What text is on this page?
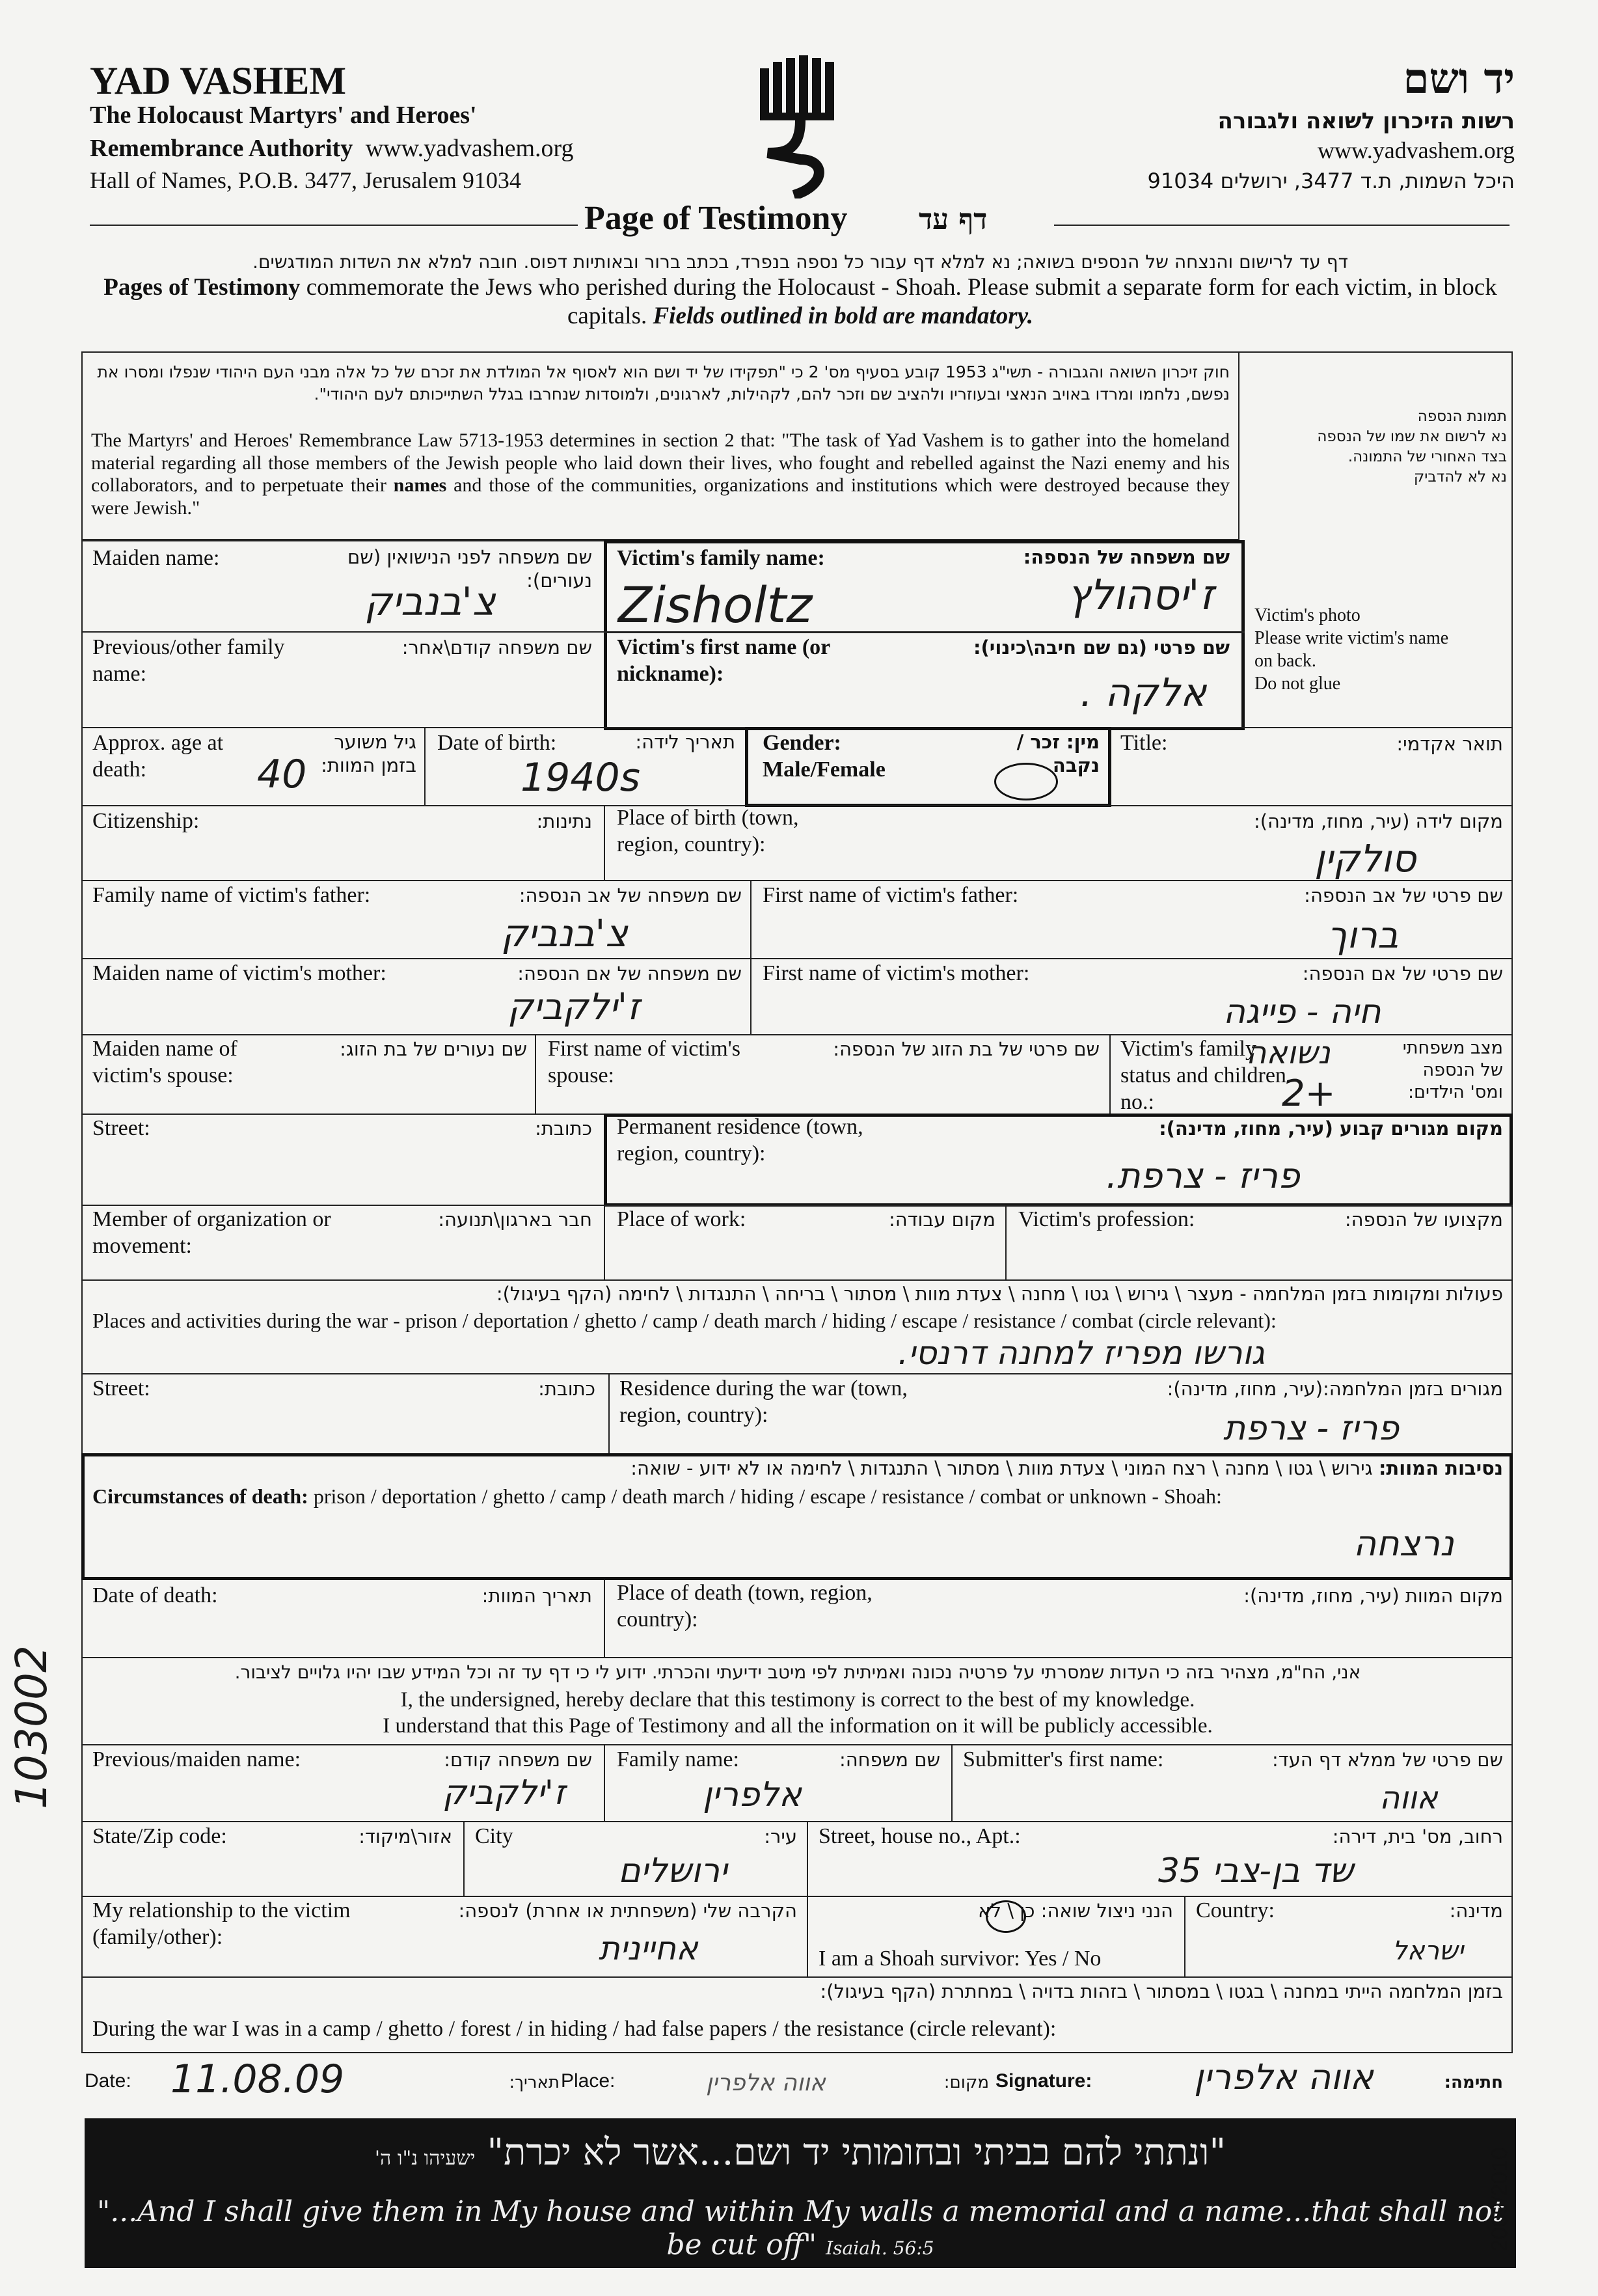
YAD VASHEM
The Holocaust Martyrs' and Heroes'
Remembrance Authority www.yadvashem.org
Hall of Names, P.O.B. 3477, Jerusalem 91034
יד ושם
רשות הזיכרון לשואה ולגבורה
www.yadvashem.org
היכל השמות, ת.ד 3477, ירושלים 91034
Page of Testimony דף עד
דף עד לרישום והנצחה של הנספים בשואה; נא למלא דף עבור כל נספה בנפרד, בכתב ברור ובאותיות דפוס. חובה למלא את השדות המודגשים.
Pages of Testimony commemorate the Jews who perished during the Holocaust - Shoah. Please submit a separate form for each victim, in block capitals. Fields outlined in bold are mandatory.
חוק זיכרון השואה והגבורה - תשי"ג 1953 קובע בסעיף מס' 2 כי "תפקידו של יד ושם הוא לאסוף אל המולדת את זכרם של כל אלה מבני העם היהודי שנפלו ומסרו את נפשם, נלחמו ומרדו באויב הנאצי ובעוזריו ולהציב שם וזכר להם, לקהילות, לארגונים, ולמוסדות שנחרבו בגלל השתייכותם לעם היהודי".
The Martyrs' and Heroes' Remembrance Law 5713-1953 determines in section 2 that: "The task of Yad Vashem is to gather into the homeland material regarding all those members of the Jewish people who laid down their lives, who fought and rebelled against the Nazi enemy and his collaborators, and to perpetuate their names and those of the communities, organizations and institutions which were destroyed because they were Jewish."
תמונת הנספה
נא לרשום את שמו של הנספה
בצד האחורי של התמונה.
נא לא להדביק
Victim's photo
Please write victim's name
on back.
Do not glue
Maiden name:	שם משפחה לפני הנישואין (שם נעורים):
צ'בנביק
Victim's family name:	שם משפחה של הנספה:
Zisholtz	ז'יסהולץ
Previous/other family name:
שם משפחה קודם\אחר: Victim's first name (or nickname):
שם פרטי (גם שם חיבה\כינוי):
אלקה .
Approx. age at death:
גיל משוער בזמן המוות:
40
Date of birth:	תאריך לידה:
1940s
Gender: Male/Female
מין: זכר / נקבה
Title:	תואר אקדמי:
Citizenship:	נתינות: Place of birth (town, region, country):
מקום לידה (עיר, מחוז, מדינה):
סולקין
Family name of victim's father:	שם משפחה של אב הנספה:
צ'בנביק
First name of victim's father:	שם פרטי של אב הנספה:
ברוך
Maiden name of victim's mother:	שם משפחה של אם הנספה:
ז'ילקביק
First name of victim's mother:	שם פרטי של אם הנספה:
חיה - פייגה
Maiden name of victim's spouse:
שם נעורים של בת הזוג: First name of victim's spouse:
שם פרטי של בת הזוג של הנספה: Victim's family status and children no.:
מצב משפחתי של הנספה ומס' הילדים:
נשואה
2+
Street:	כתובת: Permanent residence (town, region, country):
מקום מגורים קבוע (עיר, מחוז, מדינה):
פריז - צרפת.
Member of organization or movement:
חבר בארגון\תנועה: Place of work:	מקום עבודה: Victim's profession:	מקצועו של הנספה:
פעולות ומקומות בזמן המלחמה - מעצר \ גירוש \ גטו \ מחנה \ צעדת מוות \ מסתור \ בריחה \ התנגדות \ לחימה (הקף בעיגול):
Places and activities during the war - prison / deportation / ghetto / camp / death march / hiding / escape / resistance / combat (circle relevant):
גורשו מפריז למחנה דרנסי.
Street:	כתובת: Residence during the war (town, region, country):
מגורים בזמן המלחמה:(עיר, מחוז, מדינה):
פריז - צרפת
נסיבות המוות: גירוש \ גטו \ מחנה \ רצח המוני \ צעדת מוות \ מסתור \ התנגדות \ לחימה או לא ידוע - שואה:
Circumstances of death: prison / deportation / ghetto / camp / death march / hiding / escape / resistance / combat or unknown - Shoah:
נרצחה
Date of death:	תאריך המוות: Place of death (town, region, country):
מקום המוות (עיר, מחוז, מדינה):
אני, הח"מ, מצהיר בזה כי העדות שמסרתי על פרטיה נכונה ואמיתית לפי מיטב ידיעתי והכרתי. ידוע לי כי דף עד זה וכל המידע שבו יהיו גלויים לציבור.
I, the undersigned, hereby declare that this testimony is correct to the best of my knowledge.
I understand that this Page of Testimony and all the information on it will be publicly accessible.
Previous/maiden name:	שם משפחה קודם:
ז'ילקביק
Family name:	שם משפחה:
אלפרין
Submitter's first name:	שם פרטי של ממלא דף העד:
אווה
State/Zip code:	אזור\מיקוד: City	עיר:
ירושלים
Street, house no., Apt.:	רחוב, מס' בית, דירה:
שד בן-צבי 35
My relationship to the victim (family/other):
הקרבה שלי (משפחתית או אחרת) לנספה:
אחיינית
הנני ניצול שואה: כן \ לא
I am a Shoah survivor: Yes / No
Country:	מדינה:
ישראל
בזמן המלחמה הייתי במחנה \ בגטו \ במסתור \ בזהות בדויה \ במחתרת (הקף בעיגול):
During the war I was in a camp / ghetto / forest / in hiding / had false papers / the resistance (circle relevant):
Date: 11.08.09	תאריך: Place:	אווה אלפרין	מקום: Signature:	אווה אלפרין	חתימה:
"ונתתי להם בביתי ובחומותי יד ושם...אשר לא יכרת" ישעיהו נ"ו ה'
"...And I shall give them in My house and within My walls a memorial and a name...that shall not be cut off" Isaiah. 56:5
103002
2009/2010
